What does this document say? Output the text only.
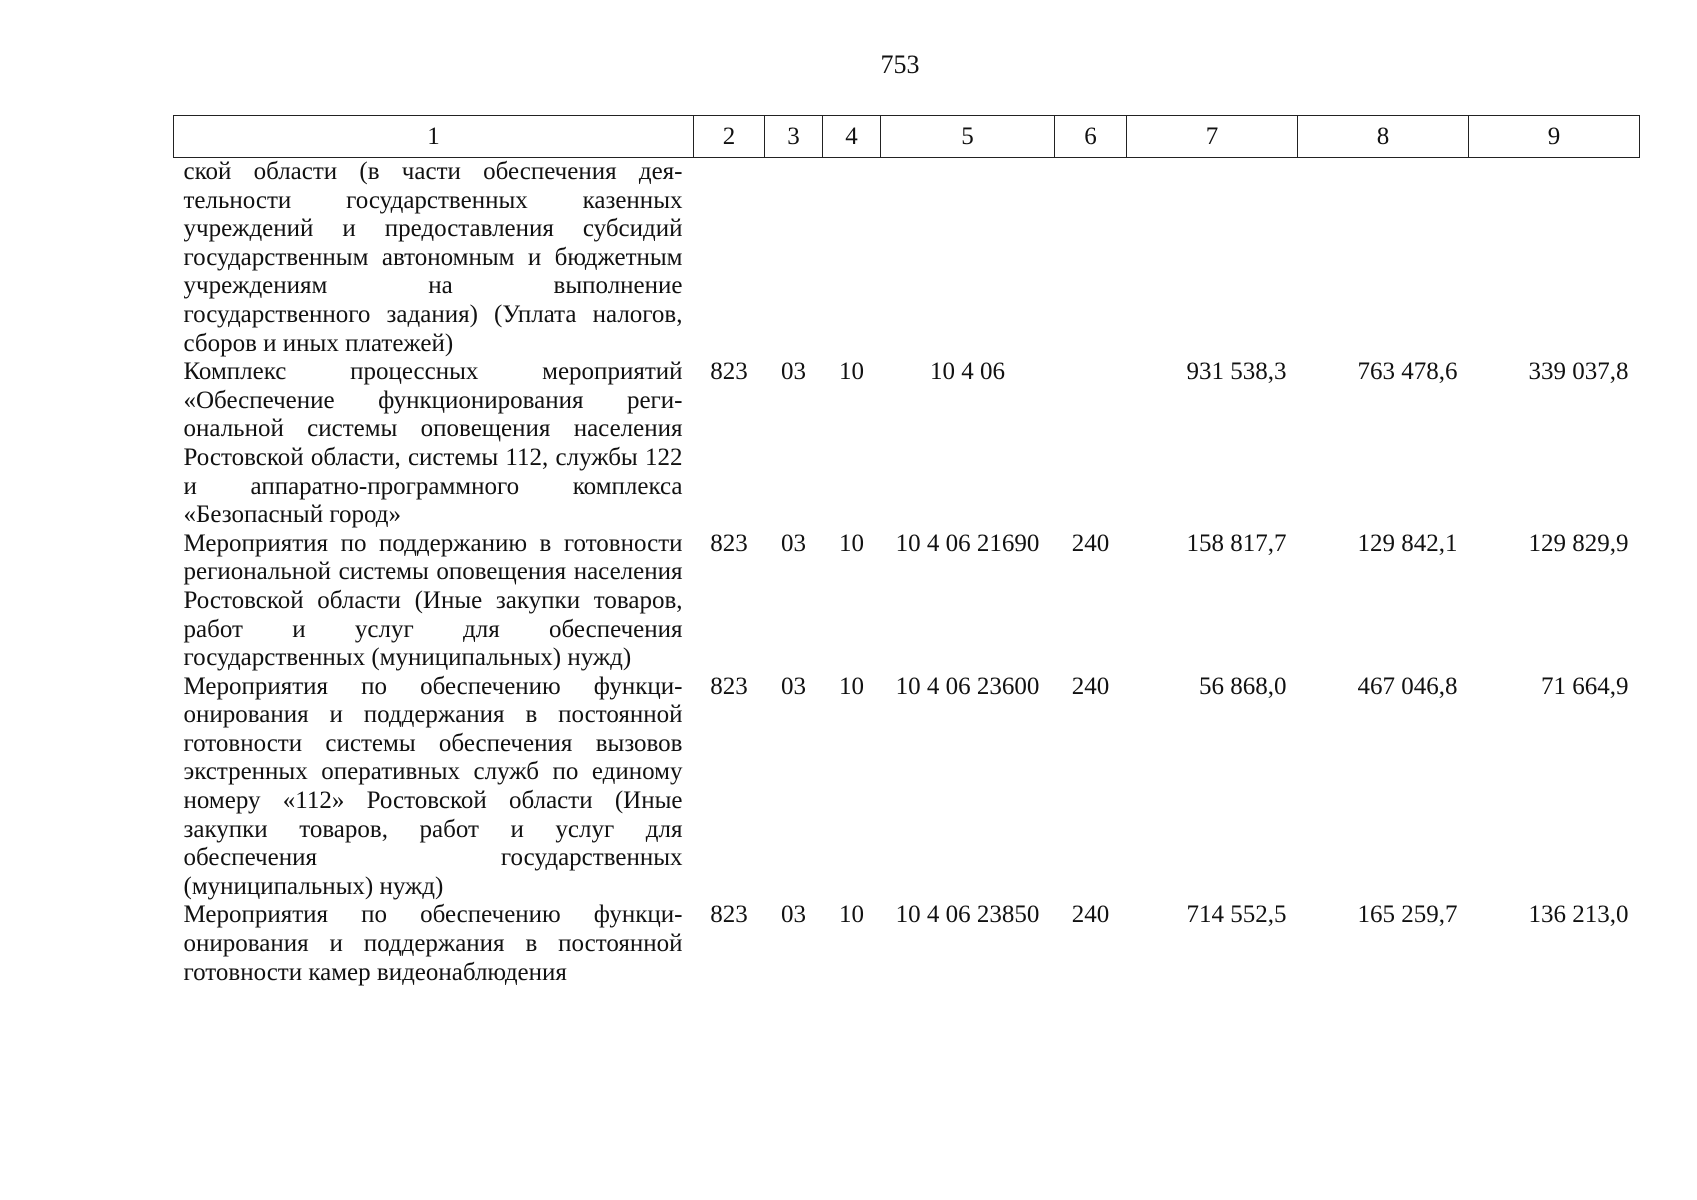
753
1	2	3	4	5	6	7	8	9
ской области (в части обеспечения деятельности государственных казенных учреждений и предоставления субсидий государственным автономным и бюджетным учреждениям на выполнение государственного задания) (Уплата налогов, сборов и иных платежей)								
Комплекс процессных мероприятий «Обеспечение функционирования региональной системы оповещения населения Ростовской области, системы 112, службы 122 и аппаратно-программного комплекса «Безопасный город»	823	03	10	10 4 06		931 538,3	763 478,6	339 037,8
Мероприятия по поддержанию в готовности региональной системы оповещения населения Ростовской области (Иные закупки товаров, работ и услуг для обеспечения государственных (муниципальных) нужд)	823	03	10	10 4 06 21690	240	158 817,7	129 842,1	129 829,9
Мероприятия по обеспечению функционирования и поддержания в постоянной готовности системы обеспечения вызовов экстренных оперативных служб по единому номеру «112» Ростовской области (Иные закупки товаров, работ и услуг для обеспечения государственных (муниципальных) нужд)	823	03	10	10 4 06 23600	240	56 868,0	467 046,8	71 664,9
Мероприятия по обеспечению функционирования и поддержания в постоянной готовности камер видеонаблюдения	823	03	10	10 4 06 23850	240	714 552,5	165 259,7	136 213,0
